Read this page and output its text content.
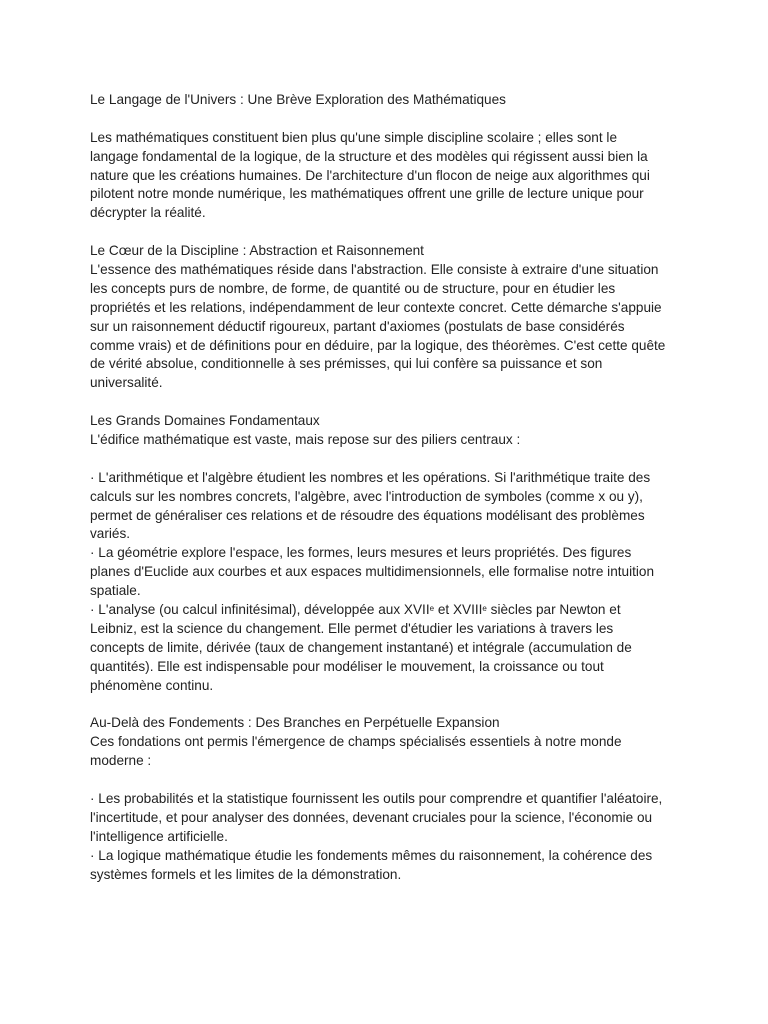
Le Langage de l'Univers : Une Brève Exploration des Mathématiques
Les mathématiques constituent bien plus qu'une simple discipline scolaire ; elles sont le
langage fondamental de la logique, de la structure et des modèles qui régissent aussi bien la
nature que les créations humaines. De l'architecture d'un flocon de neige aux algorithmes qui
pilotent notre monde numérique, les mathématiques offrent une grille de lecture unique pour
décrypter la réalité.
Le Cœur de la Discipline : Abstraction et Raisonnement
L'essence des mathématiques réside dans l'abstraction. Elle consiste à extraire d'une situation
les concepts purs de nombre, de forme, de quantité ou de structure, pour en étudier les
propriétés et les relations, indépendamment de leur contexte concret. Cette démarche s'appuie
sur un raisonnement déductif rigoureux, partant d'axiomes (postulats de base considérés
comme vrais) et de définitions pour en déduire, par la logique, des théorèmes. C'est cette quête
de vérité absolue, conditionnelle à ses prémisses, qui lui confère sa puissance et son
universalité.
Les Grands Domaines Fondamentaux
L'édifice mathématique est vaste, mais repose sur des piliers centraux :
· L'arithmétique et l'algèbre étudient les nombres et les opérations. Si l'arithmétique traite des
calculs sur les nombres concrets, l'algèbre, avec l'introduction de symboles (comme x ou y),
permet de généraliser ces relations et de résoudre des équations modélisant des problèmes
variés.
· La géométrie explore l'espace, les formes, leurs mesures et leurs propriétés. Des figures
planes d'Euclide aux courbes et aux espaces multidimensionnels, elle formalise notre intuition
spatiale.
· L'analyse (ou calcul infinitésimal), développée aux XVIIe et XVIIIe siècles par Newton et
Leibniz, est la science du changement. Elle permet d'étudier les variations à travers les
concepts de limite, dérivée (taux de changement instantané) et intégrale (accumulation de
quantités). Elle est indispensable pour modéliser le mouvement, la croissance ou tout
phénomène continu.
Au-Delà des Fondements : Des Branches en Perpétuelle Expansion
Ces fondations ont permis l'émergence de champs spécialisés essentiels à notre monde
moderne :
· Les probabilités et la statistique fournissent les outils pour comprendre et quantifier l'aléatoire,
l'incertitude, et pour analyser des données, devenant cruciales pour la science, l'économie ou
l'intelligence artificielle.
· La logique mathématique étudie les fondements mêmes du raisonnement, la cohérence des
systèmes formels et les limites de la démonstration.
